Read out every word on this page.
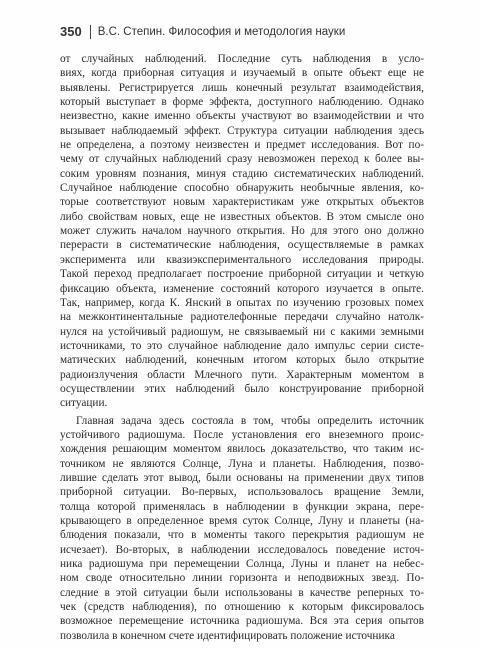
350 В.С. Степин. Философия и методология науки
от случайных наблюдений. Последние суть наблюдения в усло-
виях, когда приборная ситуация и изучаемый в опыте объект еще не
выявлены. Регистрируется лишь конечный результат взаимодействия,
который выступает в форме эффекта, доступного наблюдению. Однако
неизвестно, какие именно объекты участвуют во взаимодействии и что
вызывает наблюдаемый эффект. Структура ситуации наблюдения здесь
не определена, а поэтому неизвестен и предмет исследования. Вот по-
чему от случайных наблюдений сразу невозможен переход к более вы-
соким уровням познания, минуя стадию систематических наблюдений.
Случайное наблюдение способно обнаружить необычные явления, ко-
торые соответствуют новым характеристикам уже открытых объектов
либо свойствам новых, еще не известных объектов. В этом смысле оно
может служить началом научного открытия. Но для этого оно должно
перерасти в систематические наблюдения, осуществляемые в рамках
эксперимента или квазиэкспериментального исследования природы.
Такой переход предполагает построение приборной ситуации и четкую
фиксацию объекта, изменение состояний которого изучается в опыте.
Так, например, когда К. Янский в опытах по изучению грозовых помех
на межконтинентальные радиотелефонные передачи случайно натолк-
нулся на устойчивый радиошум, не связываемый ни с какими земными
источниками, то это случайное наблюдение дало импульс серии систе-
матических наблюдений, конечным итогом которых было открытие
радиоизлучения области Млечного пути. Характерным моментом в
осуществлении этих наблюдений было конструирование приборной
ситуации.
Главная задача здесь состояла в том, чтобы определить источник
устойчивого радиошума. После установления его внеземного проис-
хождения решающим моментом явилось доказательство, что таким ис-
точником не являются Солнце, Луна и планеты. Наблюдения, позво-
лившие сделать этот вывод, были основаны на применении двух типов
приборной ситуации. Во-первых, использовалось вращение Земли,
толща которой применялась в наблюдении в функции экрана, пере-
крывающего в определенное время суток Солнце, Луну и планеты (на-
блюдения показали, что в моменты такого перекрытия радиошум не
исчезает). Во-вторых, в наблюдении исследовалось поведение источ-
ника радиошума при перемещении Солнца, Луны и планет на небес-
ном своде относительно линии горизонта и неподвижных звезд. По-
следние в этой ситуации были использованы в качестве реперных то-
чек (средств наблюдения), по отношению к которым фиксировалось
возможное перемещение источника радиошума. Вся эта серия опытов
позволила в конечном счете идентифицировать положение источника
